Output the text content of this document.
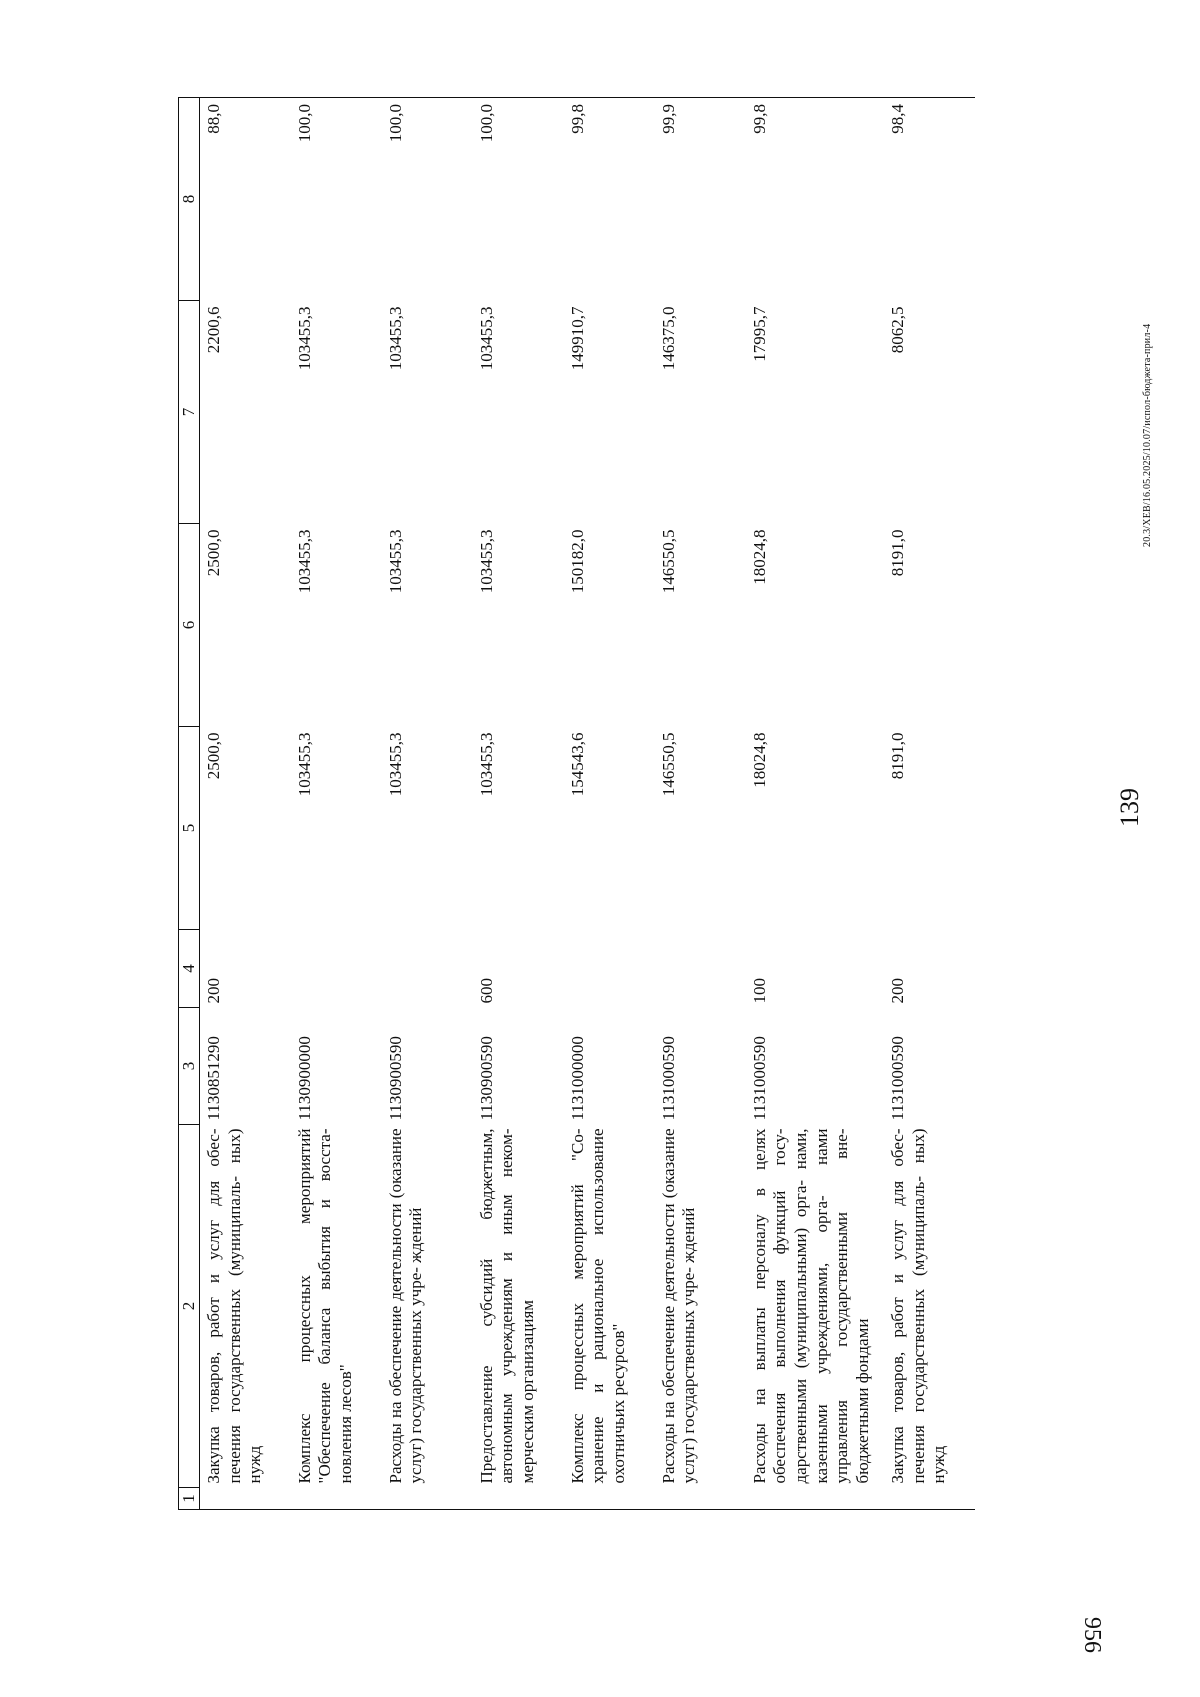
139
20.3/XEB/16.05.2025/10.07/испол-бюджета-прил-4
1	2	3	4	5	6	7	8
	Закупка товаров, работ и услуг для обес- печения государственных (муниципаль- ных) нужд	1130851290	200	2500,0	2500,0	2200,6	88,0
	Комплекс процессных мероприятий "Обеспечение баланса выбытия и восста- новления лесов"	1130900000		103455,3	103455,3	103455,3	100,0
	Расходы на обеспечение деятельности (оказание услуг) государственных учре- ждений	1130900590		103455,3	103455,3	103455,3	100,0
	Предоставление субсидий бюджетным, автономным учреждениям и иным неком- мерческим организациям	1130900590	600	103455,3	103455,3	103455,3	100,0
	Комплекс процессных мероприятий "Со- хранение и рациональное использование охотничьих ресурсов"	1131000000		154543,6	150182,0	149910,7	99,8
	Расходы на обеспечение деятельности (оказание услуг) государственных учре- ждений	1131000590		146550,5	146550,5	146375,0	99,9
	Расходы на выплаты персоналу в целях обеспечения выполнения функций госу- дарственными (муниципальными) орга- нами, казенными учреждениями, орга- нами управления государственными вне- бюджетными фондами	1131000590	100	18024,8	18024,8	17995,7	99,8
	Закупка товаров, работ и услуг для обес- печения государственных (муниципаль- ных) нужд	1131000590	200	8191,0	8191,0	8062,5	98,4
956
